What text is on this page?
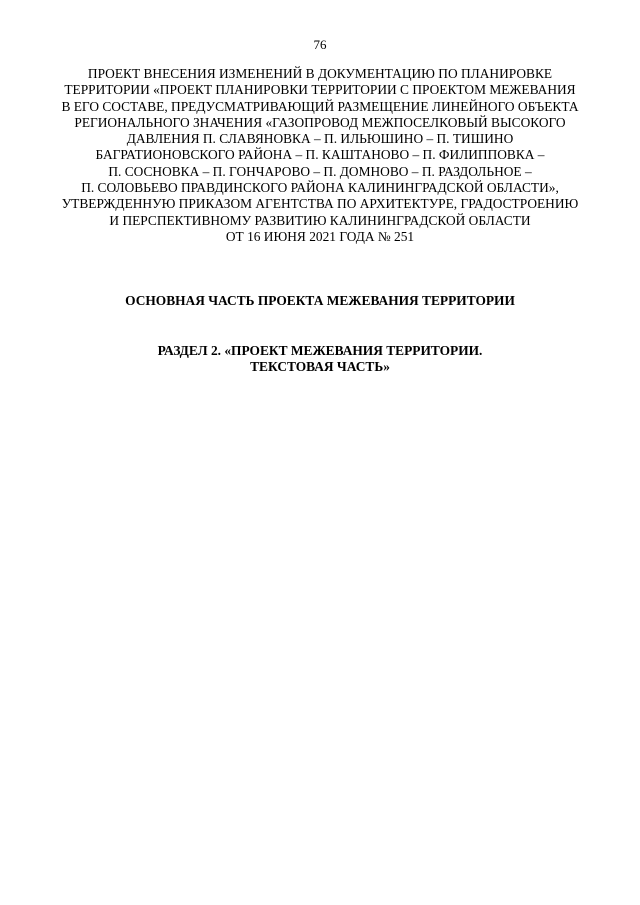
76
ПРОЕКТ ВНЕСЕНИЯ ИЗМЕНЕНИЙ В ДОКУМЕНТАЦИЮ ПО ПЛАНИРОВКЕ
ТЕРРИТОРИИ «ПРОЕКТ ПЛАНИРОВКИ ТЕРРИТОРИИ С ПРОЕКТОМ МЕЖЕВАНИЯ
В ЕГО СОСТАВЕ, ПРЕДУСМАТРИВАЮЩИЙ РАЗМЕЩЕНИЕ ЛИНЕЙНОГО ОБЪЕКТА
РЕГИОНАЛЬНОГО ЗНАЧЕНИЯ «ГАЗОПРОВОД МЕЖПОСЕЛКОВЫЙ ВЫСОКОГО
ДАВЛЕНИЯ П. СЛАВЯНОВКА – П. ИЛЬЮШИНО – П. ТИШИНО
БАГРАТИОНОВСКОГО РАЙОНА – П. КАШТАНОВО – П. ФИЛИППОВКА –
П. СОСНОВКА – П. ГОНЧАРОВО – П. ДОМНОВО – П. РАЗДОЛЬНОЕ –
П. СОЛОВЬЕВО ПРАВДИНСКОГО РАЙОНА КАЛИНИНГРАДСКОЙ ОБЛАСТИ»,
УТВЕРЖДЕННУЮ ПРИКАЗОМ АГЕНТСТВА ПО АРХИТЕКТУРЕ, ГРАДОСТРОЕНИЮ
И ПЕРСПЕКТИВНОМУ РАЗВИТИЮ КАЛИНИНГРАДСКОЙ ОБЛАСТИ
ОТ 16 ИЮНЯ 2021 ГОДА № 251
ОСНОВНАЯ ЧАСТЬ ПРОЕКТА МЕЖЕВАНИЯ ТЕРРИТОРИИ
РАЗДЕЛ 2. «ПРОЕКТ МЕЖЕВАНИЯ ТЕРРИТОРИИ.
ТЕКСТОВАЯ ЧАСТЬ»
